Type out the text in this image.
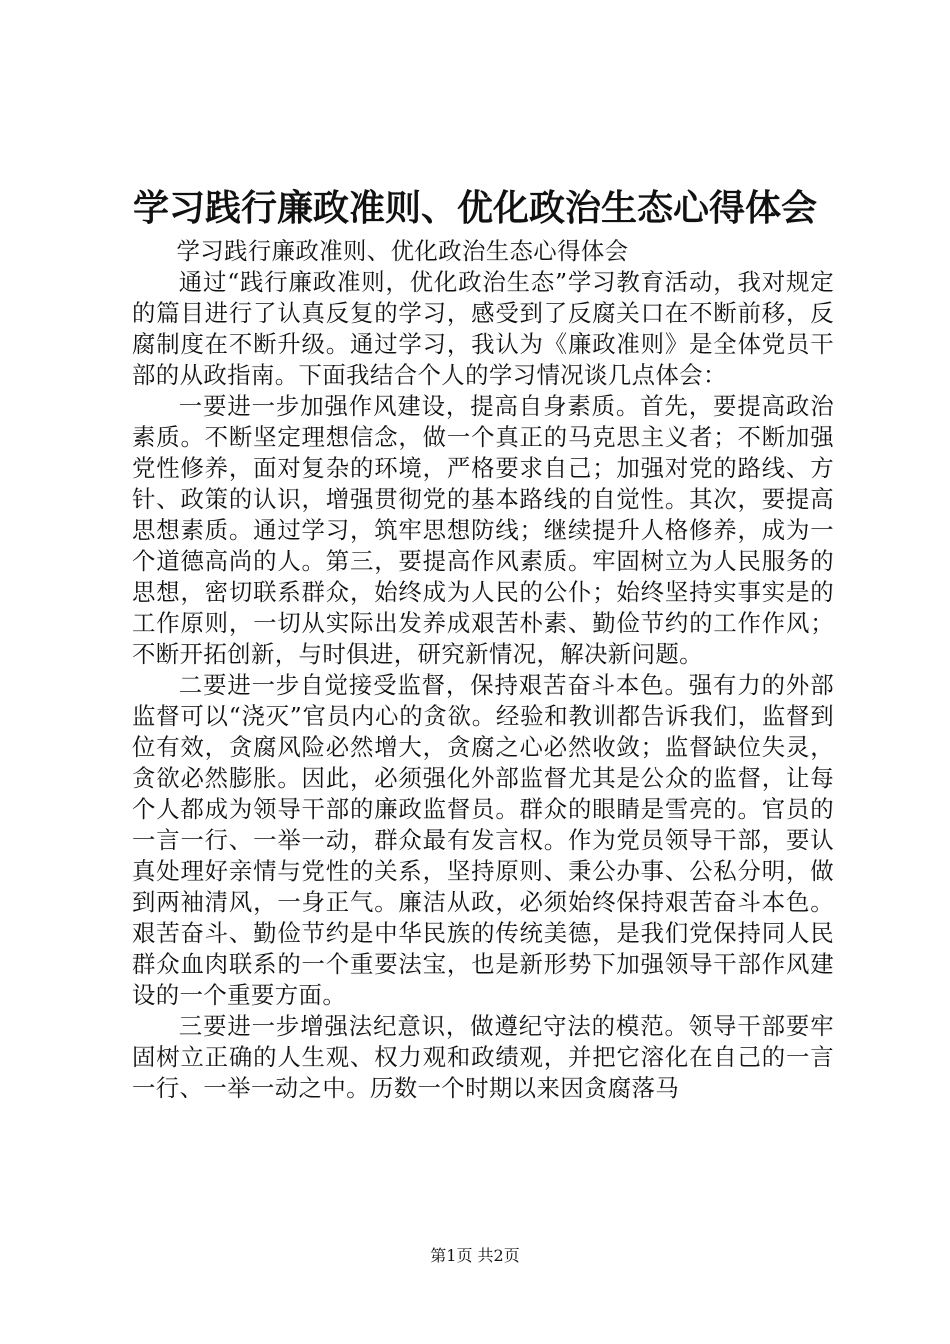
学习践行廉政准则、优化政治生态心得体会

学习践行廉政准则、优化政治生态心得体会

通过“践行廉政准则，优化政治生态”学习教育活动，我对规定的篇目进行了认真反复的学习，感受到了反腐关口在不断前移，反腐制度在不断升级。通过学习，我认为《廉政准则》是全体党员干部的从政指南。下面我结合个人的学习情况谈几点体会：

一要进一步加强作风建设，提高自身素质。首先，要提高政治素质。不断坚定理想信念，做一个真正的马克思主义者；不断加强党性修养，面对复杂的环境，严格要求自己；加强对党的路线、方针、政策的认识，增强贯彻党的基本路线的自觉性。其次，要提高思想素质。通过学习，筑牢思想防线；继续提升人格修养，成为一个道德高尚的人。第三，要提高作风素质。牢固树立为人民服务的思想，密切联系群众，始终成为人民的公仆；始终坚持实事实是的工作原则，一切从实际出发养成艰苦朴素、勤俭节约的工作作风；不断开拓创新，与时俱进，研究新情况，解决新问题。

二要进一步自觉接受监督，保持艰苦奋斗本色。强有力的外部监督可以“浇灭”官员内心的贪欲。经验和教训都告诉我们，监督到位有效，贪腐风险必然增大，贪腐之心必然收敛；监督缺位失灵，贪欲必然膨胀。因此，必须强化外部监督尤其是公众的监督，让每个人都成为领导干部的廉政监督员。群众的眼睛是雪亮的。官员的一言一行、一举一动，群众最有发言权。作为党员领导干部，要认真处理好亲情与党性的关系，坚持原则、秉公办事、公私分明，做到两袖清风，一身正气。廉洁从政，必须始终保持艰苦奋斗本色。艰苦奋斗、勤俭节约是中华民族的传统美德，是我们党保持同人民群众血肉联系的一个重要法宝，也是新形势下加强领导干部作风建设的一个重要方面。

三要进一步增强法纪意识，做遵纪守法的模范。领导干部要牢固树立正确的人生观、权力观和政绩观，并把它溶化在自己的一言一行、一举一动之中。历数一个时期以来因贪腐落马

第1页 共2页
